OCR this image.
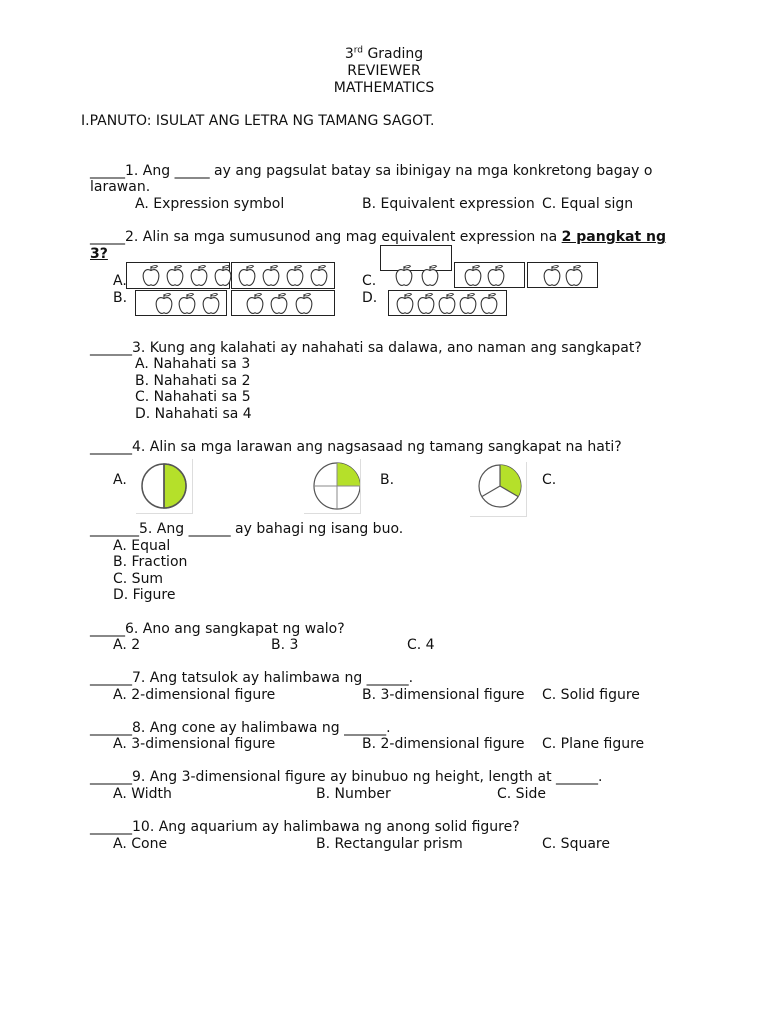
3rd Grading
REVIEWER
MATHEMATICS
I.PANUTO: ISULAT ANG LETRA NG TAMANG SAGOT.
_____1. Ang _____ ay ang pagsulat batay sa ibinigay na mga konkretong bagay o
larawan.
A. Expression symbol	B. Equivalent expression C. Equal sign
_____2. Alin sa mga sumusunod ang mag equivalent expression na 2 pangkat ng
3?
A.
B.
C.
D.
______3. Kung ang kalahati ay nahahati sa dalawa, ano naman ang sangkapat?
A. Nahahati sa 3
B. Nahahati sa 2
C. Nahahati sa 5
D. Nahahati sa 4
______4. Alin sa mga larawan ang nagsasaad ng tamang sangkapat na hati?
A.	B.	C.
_______5. Ang ______ ay bahagi ng isang buo.
A. Equal
B. Fraction
C. Sum
D. Figure
_____6. Ano ang sangkapat ng walo?
A. 2	B. 3	C. 4
______7. Ang tatsulok ay halimbawa ng ______.
A. 2-dimensional figure	B. 3-dimensional figure C. Solid figure
______8. Ang cone ay halimbawa ng ______.
A. 3-dimensional figure	B. 2-dimensional figure C. Plane figure
______9. Ang 3-dimensional figure ay binubuo ng height, length at ______.
A. Width	B. Number	C. Side
______10. Ang aquarium ay halimbawa ng anong solid figure?
A. Cone	B. Rectangular prism	C. Square
